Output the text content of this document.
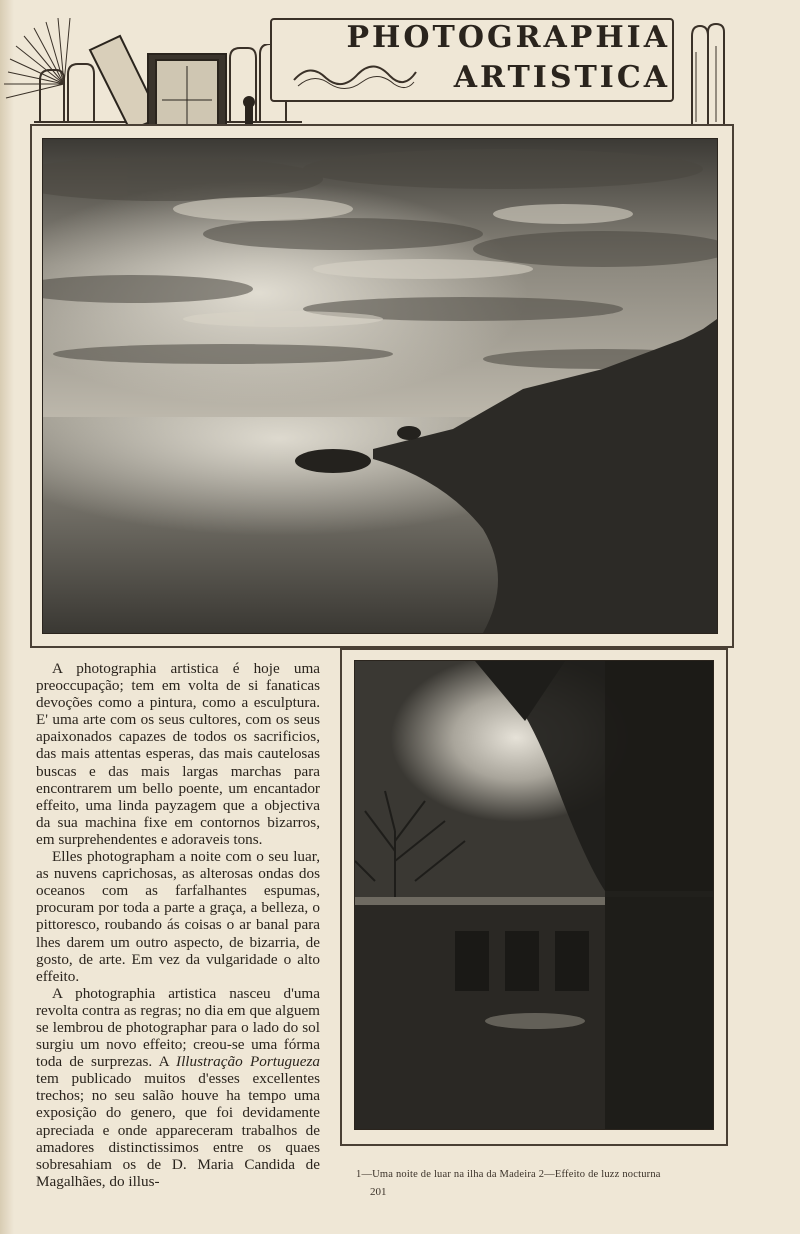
PHOTOGRAPHIA
ARTISTICA

A photographia artistica é hoje uma preoccupação; tem em volta de si fanaticas devoções como a pintura, como a esculptura. E' uma arte com os seus cultores, com os seus apaixonados capazes de todos os sacrificios, das mais attentas esperas, das mais cautelosas buscas e das mais largas marchas para encontrarem um bello poente, um encantador effeito, uma linda payzagem que a objectiva da sua machina fixe em contornos bizarros, em surprehendentes e adoraveis tons.

Elles photographam a noite com o seu luar, as nuvens caprichosas, as alterosas ondas dos oceanos com as farfalhantes espumas, procuram por toda a parte a graça, a belleza, o pittoresco, roubando ás coisas o ar banal para lhes darem um outro aspecto, de bizarria, de gosto, de arte. Em vez da vulgaridade o alto effeito.

A photographia artistica nasceu d'uma revolta contra as regras; no dia em que alguem se lembrou de photographar para o lado do sol surgiu um novo effeito; creou-se uma fórma toda de surprezas. A Illustração Portugueza tem publicado muitos d'esses excellentes trechos; no seu salão houve ha tempo uma exposição do genero, que foi devidamente apreciada e onde appareceram trabalhos de amadores distinctissimos entre os quaes sobresahiam os de D. Maria Candida de Magalhães, do illus-	1—Uma noite de luar na ilha da Madeira 2—Effeito de luzz nocturna
201
